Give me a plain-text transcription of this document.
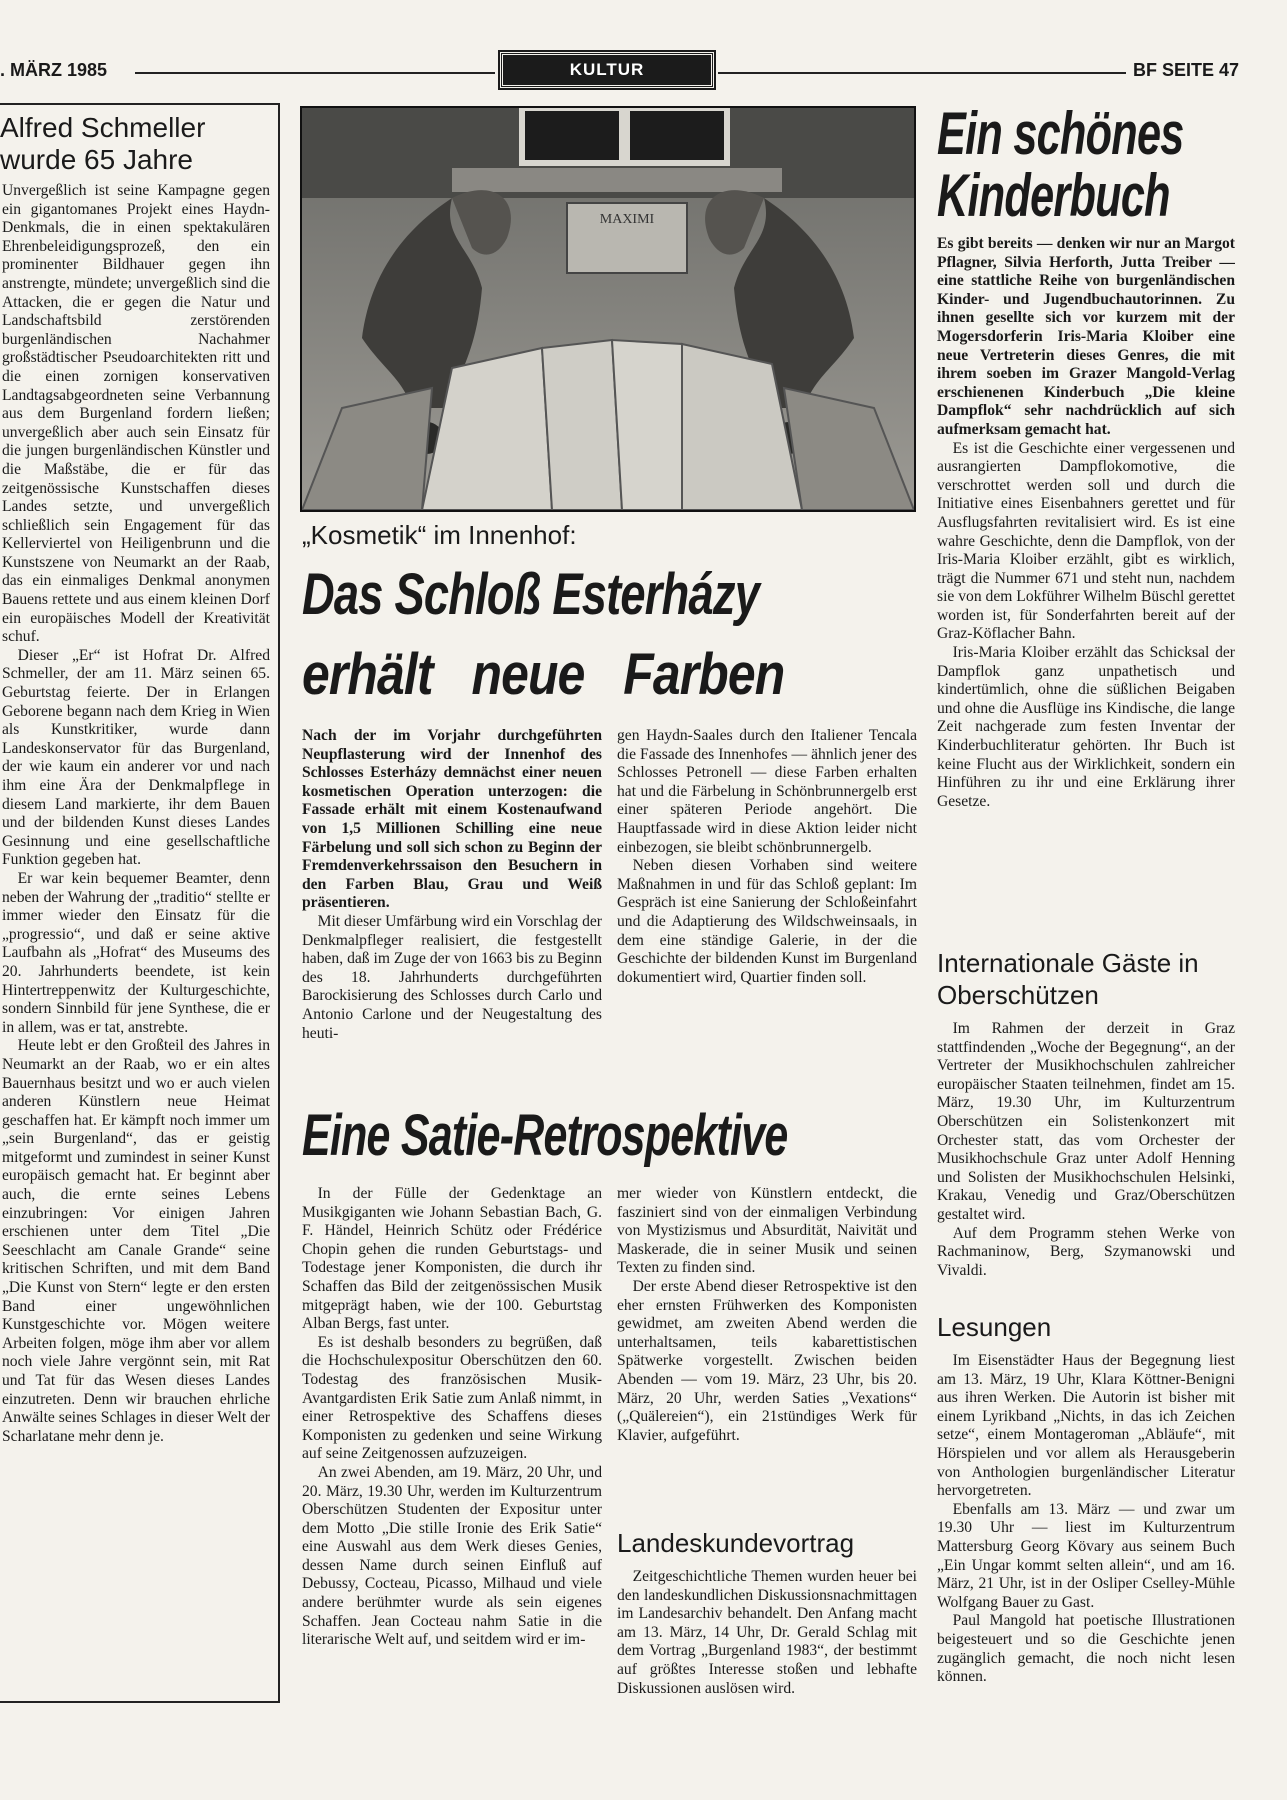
. MÄRZ 1985	KULTUR	BF SEITE 47
Alfred Schmeller wurde 65 Jahre

Unvergeßlich ist seine Kampagne gegen ein gigantomanes Projekt eines Haydn-Denkmals, die in einen spektakulären Ehrenbeleidigungsprozeß, den ein prominenter Bildhauer gegen ihn anstrengte, mündete; unvergeßlich sind die Attacken, die er gegen die Natur und Landschaftsbild zerstörenden burgenländischen Nachahmer großstädtischer Pseudoarchitekten ritt und die einen zornigen konservativen Landtagsabgeordneten seine Verbannung aus dem Burgenland fordern ließen; unvergeßlich aber auch sein Einsatz für die jungen burgenländischen Künstler und die Maßstäbe, die er für das zeitgenössische Kunstschaffen dieses Landes setzte, und unvergeßlich schließlich sein Engagement für das Kellerviertel von Heiligenbrunn und die Kunstszene von Neumarkt an der Raab, das ein einmaliges Denkmal anonymen Bauens rettete und aus einem kleinen Dorf ein europäisches Modell der Kreativität schuf.

Dieser „Er“ ist Hofrat Dr. Alfred Schmeller, der am 11. März seinen 65. Geburtstag feierte. Der in Erlangen Geborene begann nach dem Krieg in Wien als Kunstkritiker, wurde dann Landeskonservator für das Burgenland, der wie kaum ein anderer vor und nach ihm eine Ära der Denkmalpflege in diesem Land markierte, ihr dem Bauen und der bildenden Kunst dieses Landes Gesinnung und eine gesellschaftliche Funktion gegeben hat.

Er war kein bequemer Beamter, denn neben der Wahrung der „traditio“ stellte er immer wieder den Einsatz für die „progressio“, und daß er seine aktive Laufbahn als „Hofrat“ des Museums des 20. Jahrhunderts beendete, ist kein Hintertreppenwitz der Kulturgeschichte, sondern Sinnbild für jene Synthese, die er in allem, was er tat, anstrebte.

Heute lebt er den Großteil des Jahres in Neumarkt an der Raab, wo er ein altes Bauernhaus besitzt und wo er auch vielen anderen Künstlern neue Heimat geschaffen hat. Er kämpft noch immer um „sein Burgenland“, das er geistig mitgeformt und zumindest in seiner Kunst europäisch gemacht hat. Er beginnt aber auch, die ernte seines Lebens einzubringen: Vor einigen Jahren erschienen unter dem Titel „Die Seeschlacht am Canale Grande“ seine kritischen Schriften, und mit dem Band „Die Kunst von Stern“ legte er den ersten Band einer ungewöhnlichen Kunstgeschichte vor. Mögen weitere Arbeiten folgen, möge ihm aber vor allem noch viele Jahre vergönnt sein, mit Rat und Tat für das Wesen dieses Landes einzutreten. Denn wir brauchen ehrliche Anwälte seines Schlages in dieser Welt der Scharlatane mehr denn je.

MAXIMI
„Kosmetik“ im Innenhof:
Das Schloß Esterházy
erhält neue Farben

Nach der im Vorjahr durchgeführten Neupflasterung wird der Innenhof des Schlosses Esterházy demnächst einer neuen kosmetischen Operation unterzogen: die Fassade erhält mit einem Kostenaufwand von 1,5 Millionen Schilling eine neue Färbelung und soll sich schon zu Beginn der Fremdenverkehrssaison den Besuchern in den Farben Blau, Grau und Weiß präsentieren.

Mit dieser Umfärbung wird ein Vorschlag der Denkmalpfleger realisiert, die festgestellt haben, daß im Zuge der von 1663 bis zu Beginn des 18. Jahrhunderts durchgeführten Barockisierung des Schlosses durch Carlo und Antonio Carlone und der Neugestaltung des heuti-

gen Haydn-Saales durch den Italiener Tencala die Fassade des Innenhofes — ähnlich jener des Schlosses Petronell — diese Farben erhalten hat und die Färbelung in Schönbrunnergelb erst einer späteren Periode angehört. Die Hauptfassade wird in diese Aktion leider nicht einbezogen, sie bleibt schönbrunnergelb.

Neben diesen Vorhaben sind weitere Maßnahmen in und für das Schloß geplant: Im Gespräch ist eine Sanierung der Schloßeinfahrt und die Adaptierung des Wildschweinsaals, in dem eine ständige Galerie, in der die Geschichte der bildenden Kunst im Burgenland dokumentiert wird, Quartier finden soll.

Eine Satie-Retrospektive

In der Fülle der Gedenktage an Musikgiganten wie Johann Sebastian Bach, G. F. Händel, Heinrich Schütz oder Frédérice Chopin gehen die runden Geburtstags- und Todestage jener Komponisten, die durch ihr Schaffen das Bild der zeitgenössischen Musik mitgeprägt haben, wie der 100. Geburtstag Alban Bergs, fast unter.

Es ist deshalb besonders zu begrüßen, daß die Hochschulexpositur Oberschützen den 60. Todestag des französischen Musik-Avantgardisten Erik Satie zum Anlaß nimmt, in einer Retrospektive des Schaffens dieses Komponisten zu gedenken und seine Wirkung auf seine Zeitgenossen aufzuzeigen.

An zwei Abenden, am 19. März, 20 Uhr, und 20. März, 19.30 Uhr, werden im Kulturzentrum Oberschützen Studenten der Expositur unter dem Motto „Die stille Ironie des Erik Satie“ eine Auswahl aus dem Werk dieses Genies, dessen Name durch seinen Einfluß auf Debussy, Cocteau, Picasso, Milhaud und viele andere berühmter wurde als sein eigenes Schaffen. Jean Cocteau nahm Satie in die literarische Welt auf, und seitdem wird er im-

mer wieder von Künstlern entdeckt, die fasziniert sind von der einmaligen Verbindung von Mystizismus und Absurdität, Naivität und Maskerade, die in seiner Musik und seinen Texten zu finden sind.

Der erste Abend dieser Retrospektive ist den eher ernsten Frühwerken des Komponisten gewidmet, am zweiten Abend werden die unterhaltsamen, teils kabarettistischen Spätwerke vorgestellt. Zwischen beiden Abenden — vom 19. März, 23 Uhr, bis 20. März, 20 Uhr, werden Saties „Vexations“ („Quälereien“), ein 21stündiges Werk für Klavier, aufgeführt.

Landeskundevortrag

Zeitgeschichtliche Themen wurden heuer bei den landeskundlichen Diskussionsnachmittagen im Landesarchiv behandelt. Den Anfang macht am 13. März, 14 Uhr, Dr. Gerald Schlag mit dem Vortrag „Burgenland 1983“, der bestimmt auf größtes Interesse stoßen und lebhafte Diskussionen auslösen wird.

Ein schönes
Kinderbuch

Es gibt bereits — denken wir nur an Margot Pflagner, Silvia Herforth, Jutta Treiber — eine stattliche Reihe von burgenländischen Kinder- und Jugendbuchautorinnen. Zu ihnen gesellte sich vor kurzem mit der Mogersdorferin Iris-Maria Kloiber eine neue Vertreterin dieses Genres, die mit ihrem soeben im Grazer Mangold-Verlag erschienenen Kinderbuch „Die kleine Dampflok“ sehr nachdrücklich auf sich aufmerksam gemacht hat.

Es ist die Geschichte einer vergessenen und ausrangierten Dampflokomotive, die verschrottet werden soll und durch die Initiative eines Eisenbahners gerettet und für Ausflugsfahrten revitalisiert wird. Es ist eine wahre Geschichte, denn die Dampflok, von der Iris-Maria Kloiber erzählt, gibt es wirklich, trägt die Nummer 671 und steht nun, nachdem sie von dem Lokführer Wilhelm Büschl gerettet worden ist, für Sonderfahrten bereit auf der Graz-Köflacher Bahn.

Iris-Maria Kloiber erzählt das Schicksal der Dampflok ganz unpathetisch und kindertümlich, ohne die süßlichen Beigaben und ohne die Ausflüge ins Kindische, die lange Zeit nachgerade zum festen Inventar der Kinderbuchliteratur gehörten. Ihr Buch ist keine Flucht aus der Wirklichkeit, sondern ein Hinführen zu ihr und eine Erklärung ihrer Gesetze.

Internationale Gäste in Oberschützen

Im Rahmen der derzeit in Graz stattfindenden „Woche der Begegnung“, an der Vertreter der Musikhochschulen zahlreicher europäischer Staaten teilnehmen, findet am 15. März, 19.30 Uhr, im Kulturzentrum Oberschützen ein Solistenkonzert mit Orchester statt, das vom Orchester der Musikhochschule Graz unter Adolf Henning und Solisten der Musikhochschulen Helsinki, Krakau, Venedig und Graz/Oberschützen gestaltet wird.

Auf dem Programm stehen Werke von Rachmaninow, Berg, Szymanowski und Vivaldi.

Lesungen

Im Eisenstädter Haus der Begegnung liest am 13. März, 19 Uhr, Klara Köttner-Benigni aus ihren Werken. Die Autorin ist bisher mit einem Lyrikband „Nichts, in das ich Zeichen setze“, einem Montageroman „Abläufe“, mit Hörspielen und vor allem als Herausgeberin von Anthologien burgenländischer Literatur hervorgetreten.

Ebenfalls am 13. März — und zwar um 19.30 Uhr — liest im Kulturzentrum Mattersburg Georg Kövary aus seinem Buch „Ein Ungar kommt selten allein“, und am 16. März, 21 Uhr, ist in der Osliper Cselley-Mühle Wolfgang Bauer zu Gast.

Paul Mangold hat poetische Illustrationen beigesteuert und so die Geschichte jenen zugänglich gemacht, die noch nicht lesen können.
